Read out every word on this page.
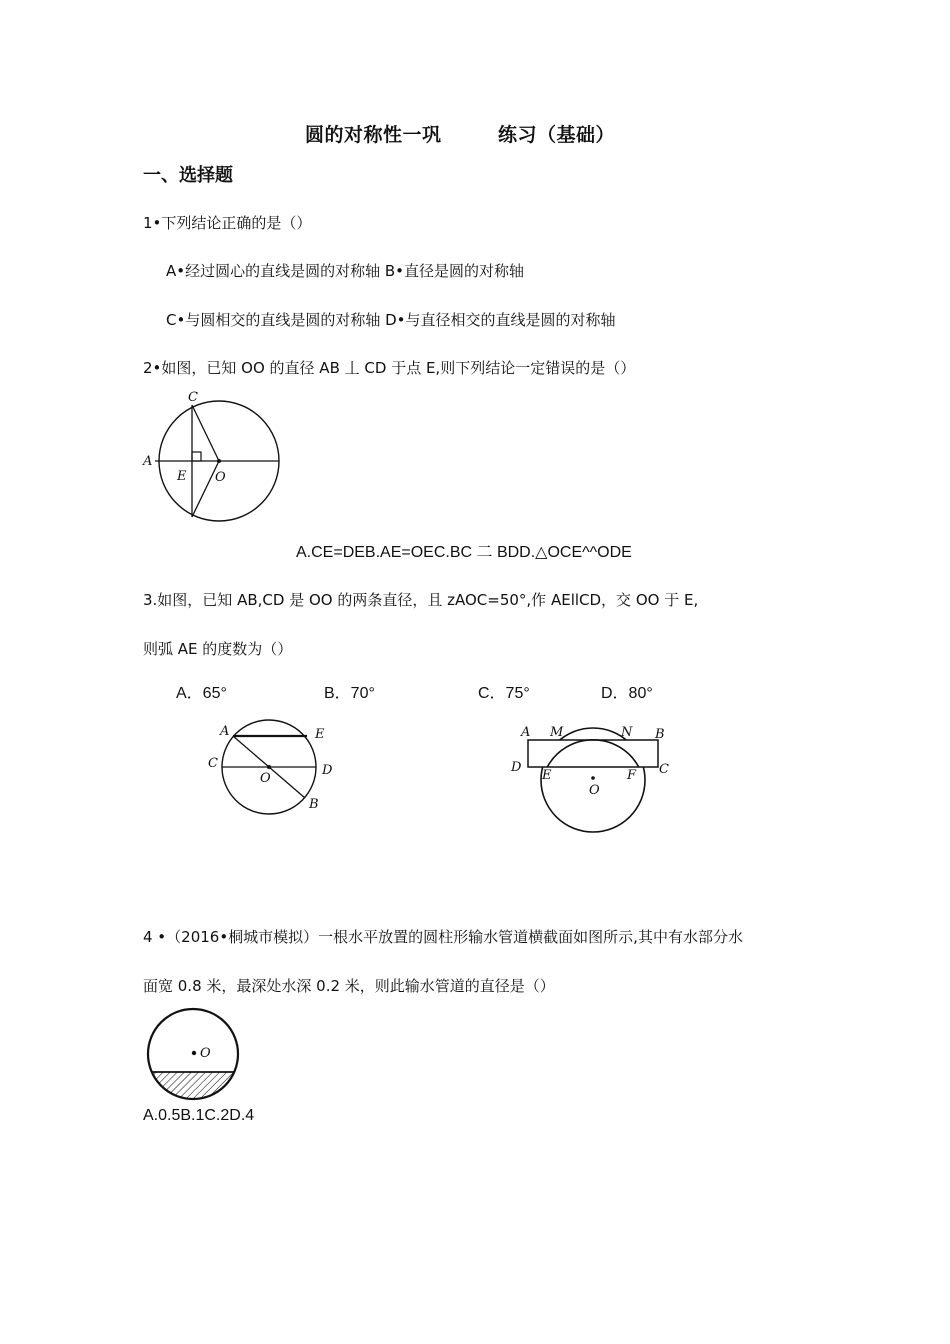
圆的对称性一巩	练习（基础）
一、选择题
1•下列结论正确的是（）
A•经过圆心的直线是圆的对称轴 B•直径是圆的对称轴
C•与圆相交的直线是圆的对称轴 D•与直径相交的直线是圆的对称轴
2•如图，已知 OO 的直径 AB 丄 CD 于点 E,则下列结论一定错误的是（）
C
A
E O
A.CE=DEB.AE=OEC.BC 二 BDD.△OCE^^ODE
3.如图，已知 AB,CD 是 OO 的两条直径，且 zAOC=50°,作 AEllCD，交 OO 于 E,
则弧 AE 的度数为（）
A．65°	B．70°	C．75°	D．80°
A	E
C
O
D
B
A M	N B
D
E	F C
O
4 •（2016•桐城市模拟）一根水平放置的圆柱形输水管道横截面如图所示,其中有水部分水
面宽 0.8 米，最深处水深 0.2 米，则此输水管道的直径是（）
O
A.0.5B.1C.2D.4
